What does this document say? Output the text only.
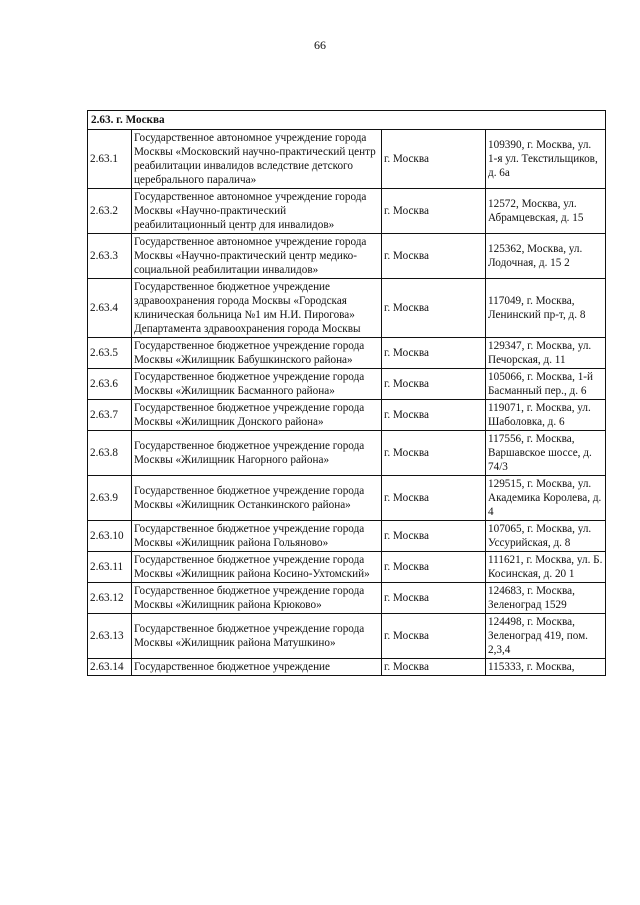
66
2.63. г. Москва			
2.63.1	Государственное автономное учреждение города Москвы «Московский научно-практический центр реабилитации инвалидов вследствие детского церебрального паралича»	г. Москва	109390, г. Москва, ул. 1-я ул. Текстильщиков, д. 6а
2.63.2	Государственное автономное учреждение города Москвы «Научно-практический реабилитационный центр для инвалидов»	г. Москва	12572, Москва, ул. Абрамцевская, д. 15
2.63.3	Государственное автономное учреждение города Москвы «Научно-практический центр медико-социальной реабилитации инвалидов»	г. Москва	125362, Москва, ул. Лодочная, д. 15 2
2.63.4	Государственное бюджетное учреждение здравоохранения города Москвы «Городская клиническая больница №1 им Н.И. Пирогова» Департамента здравоохранения города Москвы	г. Москва	117049, г. Москва, Ленинский пр-т, д. 8
2.63.5	Государственное бюджетное учреждение города Москвы «Жилищник Бабушкинского района»	г. Москва	129347, г. Москва, ул. Печорская, д. 11
2.63.6	Государственное бюджетное учреждение города Москвы «Жилищник Басманного района»	г. Москва	105066, г. Москва, 1-й Басманный пер., д. 6
2.63.7	Государственное бюджетное учреждение города Москвы «Жилищник Донского района»	г. Москва	119071, г. Москва, ул. Шаболовка, д. 6
2.63.8	Государственное бюджетное учреждение города Москвы «Жилищник Нагорного района»	г. Москва	117556, г. Москва, Варшавское шоссе, д. 74/3
2.63.9	Государственное бюджетное учреждение города Москвы «Жилищник Останкинского района»	г. Москва	129515, г. Москва, ул. Академика Королева, д. 4
2.63.10	Государственное бюджетное учреждение города Москвы «Жилищник района Гольяново»	г. Москва	107065, г. Москва, ул. Уссурийская, д. 8
2.63.11	Государственное бюджетное учреждение города Москвы «Жилищник района Косино-Ухтомский»	г. Москва	111621, г. Москва, ул. Б. Косинская, д. 20 1
2.63.12	Государственное бюджетное учреждение города Москвы «Жилищник района Крюково»	г. Москва	124683, г. Москва, Зеленоград 1529
2.63.13	Государственное бюджетное учреждение города Москвы «Жилищник района Матушкино»	г. Москва	124498, г. Москва, Зеленоград 419, пом. 2,3,4
2.63.14	Государственное бюджетное учреждение	г. Москва	115333, г. Москва,
